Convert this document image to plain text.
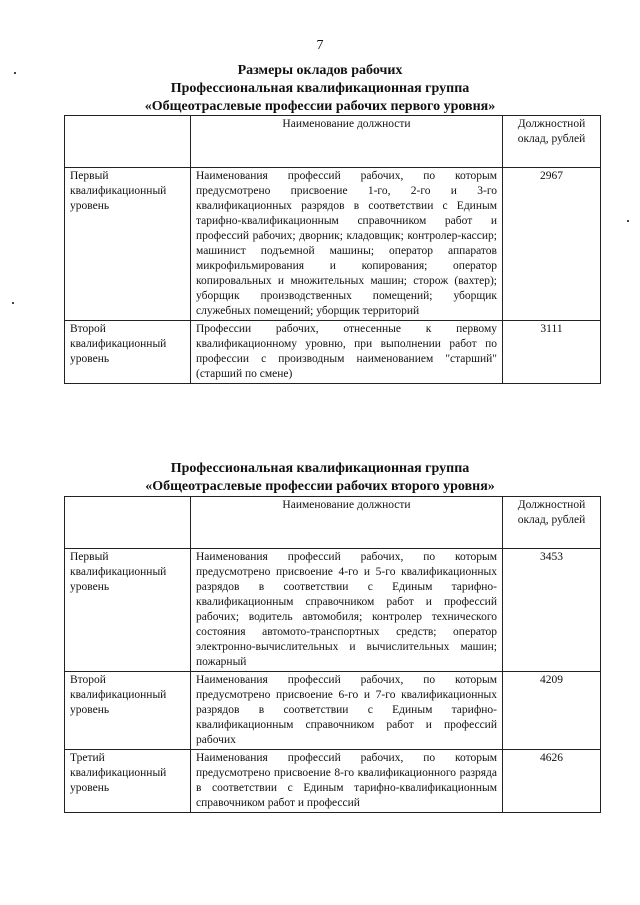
7
Размеры окладов рабочих
Профессиональная квалификационная группа
«Общеотраслевые профессии рабочих первого уровня»
	Наименование должности	Должностной оклад, рублей
Первый квалификационный уровень	Наименования профессий рабочих, по которым предусмотрено присвоение 1-го, 2-го и 3-го квалификационных разрядов в соответствии с Единым тарифно-квалификационным справочником работ и профессий рабочих; дворник; кладовщик; контролер-кассир; машинист подъемной машины; оператор аппаратов микрофильмирования и копирования; оператор копировальных и множительных машин; сторож (вахтер); уборщик производственных помещений; уборщик служебных помещений; уборщик территорий	2967
Второй квалификационный уровень	Профессии рабочих, отнесенные к первому квалификационному уровню, при выполнении работ по профессии с производным наименованием "старший" (старший по смене)	3111
Профессиональная квалификационная группа
«Общеотраслевые профессии рабочих второго уровня»
	Наименование должности	Должностной оклад, рублей
Первый квалификационный уровень	Наименования профессий рабочих, по которым предусмотрено присвоение 4-го и 5-го квалификационных разрядов в соответствии с Единым тарифно-квалификационным справочником работ и профессий рабочих; водитель автомобиля; контролер технического состояния автомото-транспортных средств; оператор электронно-вычислительных и вычислительных машин; пожарный	3453
Второй квалификационный уровень	Наименования профессий рабочих, по которым предусмотрено присвоение 6-го и 7-го квалификационных разрядов в соответствии с Единым тарифно-квалификационным справочником работ и профессий рабочих	4209
Третий квалификационный уровень	Наименования профессий рабочих, по которым предусмотрено присвоение 8-го квалификационного разряда в соответствии с Единым тарифно-квалификационным справочником работ и профессий	4626
